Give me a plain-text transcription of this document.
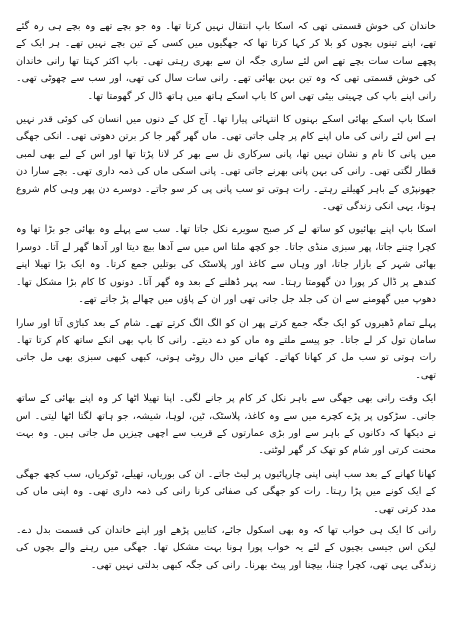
خاندان کی خوش قسمتی تھی کہ اسکا باپ انتقال نہیں کرتا تھا۔ وہ جو بچے تھے وہ بچے ہی رہ گئے تھے، اپنے تینوں بچوں کو بلا کر کہا کرتا تھا کہ جھگیوں میں کسی کے تین بچے نہیں تھے۔ ہر ایک کے پچھے سات سات بچے تھے اس لئے ساری جگہ ان سے بھری رہتی تھی۔ باپ اکثر کہتا تھا رانی خاندان کی خوش قسمتی تھی کہ وہ تین بہن بھائی تھے۔ رانی سات سال کی تھی، اور سب سے چھوٹی تھی۔ رانی اپنے باپ کی چہیتی بیٹی تھی اس کا باپ اسکے ہاتھ میں ہاتھ ڈال کر گھومتا تھا۔

اسکا باپ اسکے بھائی اسکے بہنوں کا انتہائی پیارا تھا۔ آج کل کے دنوں میں انسان کی کوئی قدر نہیں ہے اس لئے رانی کی ماں اپنے کام پر چلی جاتی تھی۔ ماں گھر گھر جا کر برتن دھوتی تھی۔ انکی جھگی میں پانی کا نام و نشان نہیں تھا، پانی سرکاری نل سے بھر کر لانا پڑتا تھا اور اس کے لیے بھی لمبی قطار لگتی تھی۔ رانی کی بہن پانی بھرنے جاتی تھی۔ پانی اسکی ماں کی ذمہ داری تھی۔ بچے سارا دن جھونپڑی کے باہر کھیلتے رہتے۔ رات ہوتی تو سب پانی پی کر سو جاتے۔ دوسرے دن پھر وہی کام شروع ہوتا، یہی انکی زندگی تھی۔

اسکا باپ اپنے بھائیوں کو ساتھ لے کر صبح سویرے نکل جاتا تھا۔ سب سے پہلے وہ بھائی جو بڑا تھا وہ کچرا چننے جاتا، پھر سبزی منڈی جاتا۔ جو کچھ ملتا اس میں سے آدھا بیچ دیتا اور آدھا گھر لے آتا۔ دوسرا بھائی شہر کے بازار جاتا، اور وہاں سے کاغذ اور پلاسٹک کی بوتلیں جمع کرتا۔ وہ ایک بڑا تھیلا اپنے کندھے پر ڈال کر پورا دن گھومتا رہتا۔ سہ پہر ڈھلنے کے بعد وہ گھر آتا۔ دونوں کا کام بڑا مشکل تھا۔ دھوپ میں گھومنے سے ان کی جلد جل جاتی تھی اور ان کے پاؤں میں چھالے پڑ جاتے تھے۔

پہلے تمام ڈھیروں کو ایک جگہ جمع کرتے پھر ان کو الگ الگ کرتے تھے۔ شام کے بعد کباڑی آتا اور سارا سامان تول کر لے جاتا۔ جو پیسے ملتے وہ ماں کو دے دیتے۔ رانی کا باپ بھی انکے ساتھ کام کرتا تھا۔ رات ہوتی تو سب مل کر کھانا کھاتے۔ کھانے میں دال روٹی ہوتی، کبھی کبھی سبزی بھی مل جاتی تھی۔

ایک وقت رانی بھی جھگی سے باہر نکل کر کام پر جانے لگی۔ اپنا تھیلا اٹھا کر وہ اپنے بھائی کے ساتھ جاتی۔ سڑکوں پر پڑے کچرے میں سے وہ کاغذ، پلاسٹک، ٹین، لوہا، شیشہ، جو ہاتھ لگتا اٹھا لیتی۔ اس نے دیکھا کہ دکانوں کے باہر سے اور بڑی عمارتوں کے قریب سے اچھی چیزیں مل جاتی ہیں۔ وہ بہت محنت کرتی اور شام کو تھک کر گھر لوٹتی۔

کھانا کھانے کے بعد سب اپنی اپنی چارپائیوں پر لیٹ جاتے۔ ان کی بوریاں، تھیلے، ٹوکریاں، سب کچھ جھگی کے ایک کونے میں پڑا رہتا۔ رات کو جھگی کی صفائی کرنا رانی کی ذمہ داری تھی۔ وہ اپنی ماں کی مدد کرتی تھی۔

رانی کا ایک ہی خواب تھا کہ وہ بھی اسکول جائے، کتابیں پڑھے اور اپنے خاندان کی قسمت بدل دے۔ لیکن اس جیسی بچیوں کے لئے یہ خواب پورا ہونا بہت مشکل تھا۔ جھگی میں رہنے والے بچوں کی زندگی یہی تھی، کچرا چننا، بیچنا اور پیٹ بھرنا۔ رانی کی جگہ کبھی بدلتی نہیں تھی۔
